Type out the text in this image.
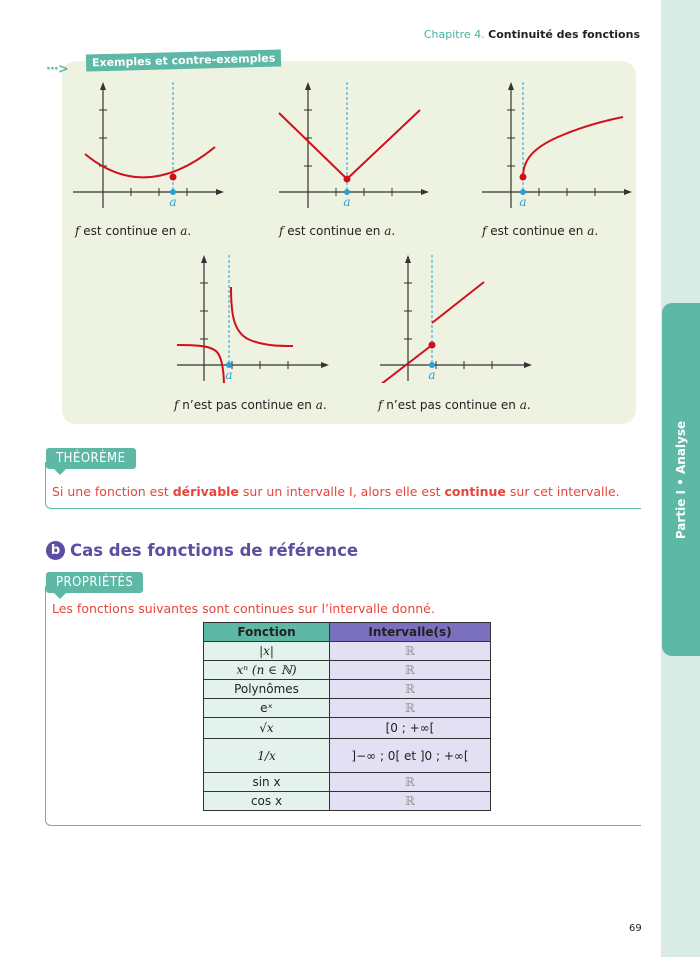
Partie I • Analyse
Chapitre 4. Continuité des fonctions
···>
Exemples et contre-exemples
a
f est continue en a.
a
f est continue en a.
a
f est continue en a.
a
f n’est pas continue en a.
a
f n’est pas continue en a.
THÉORÈME
Si une fonction est dérivable sur un intervalle I, alors elle est continue sur cet intervalle.
b Cas des fonctions de référence
PROPRIÉTÉS
Les fonctions suivantes sont continues sur l’intervalle donné.
Fonction	Intervalle(s)
|x|	ℝ
xⁿ (n ∈ ℕ)	ℝ
Polynômes	ℝ
eˣ	ℝ
√x	[0 ; +∞[
1/x	]−∞ ; 0[ et ]0 ; +∞[
sin x	ℝ
cos x	ℝ
69
